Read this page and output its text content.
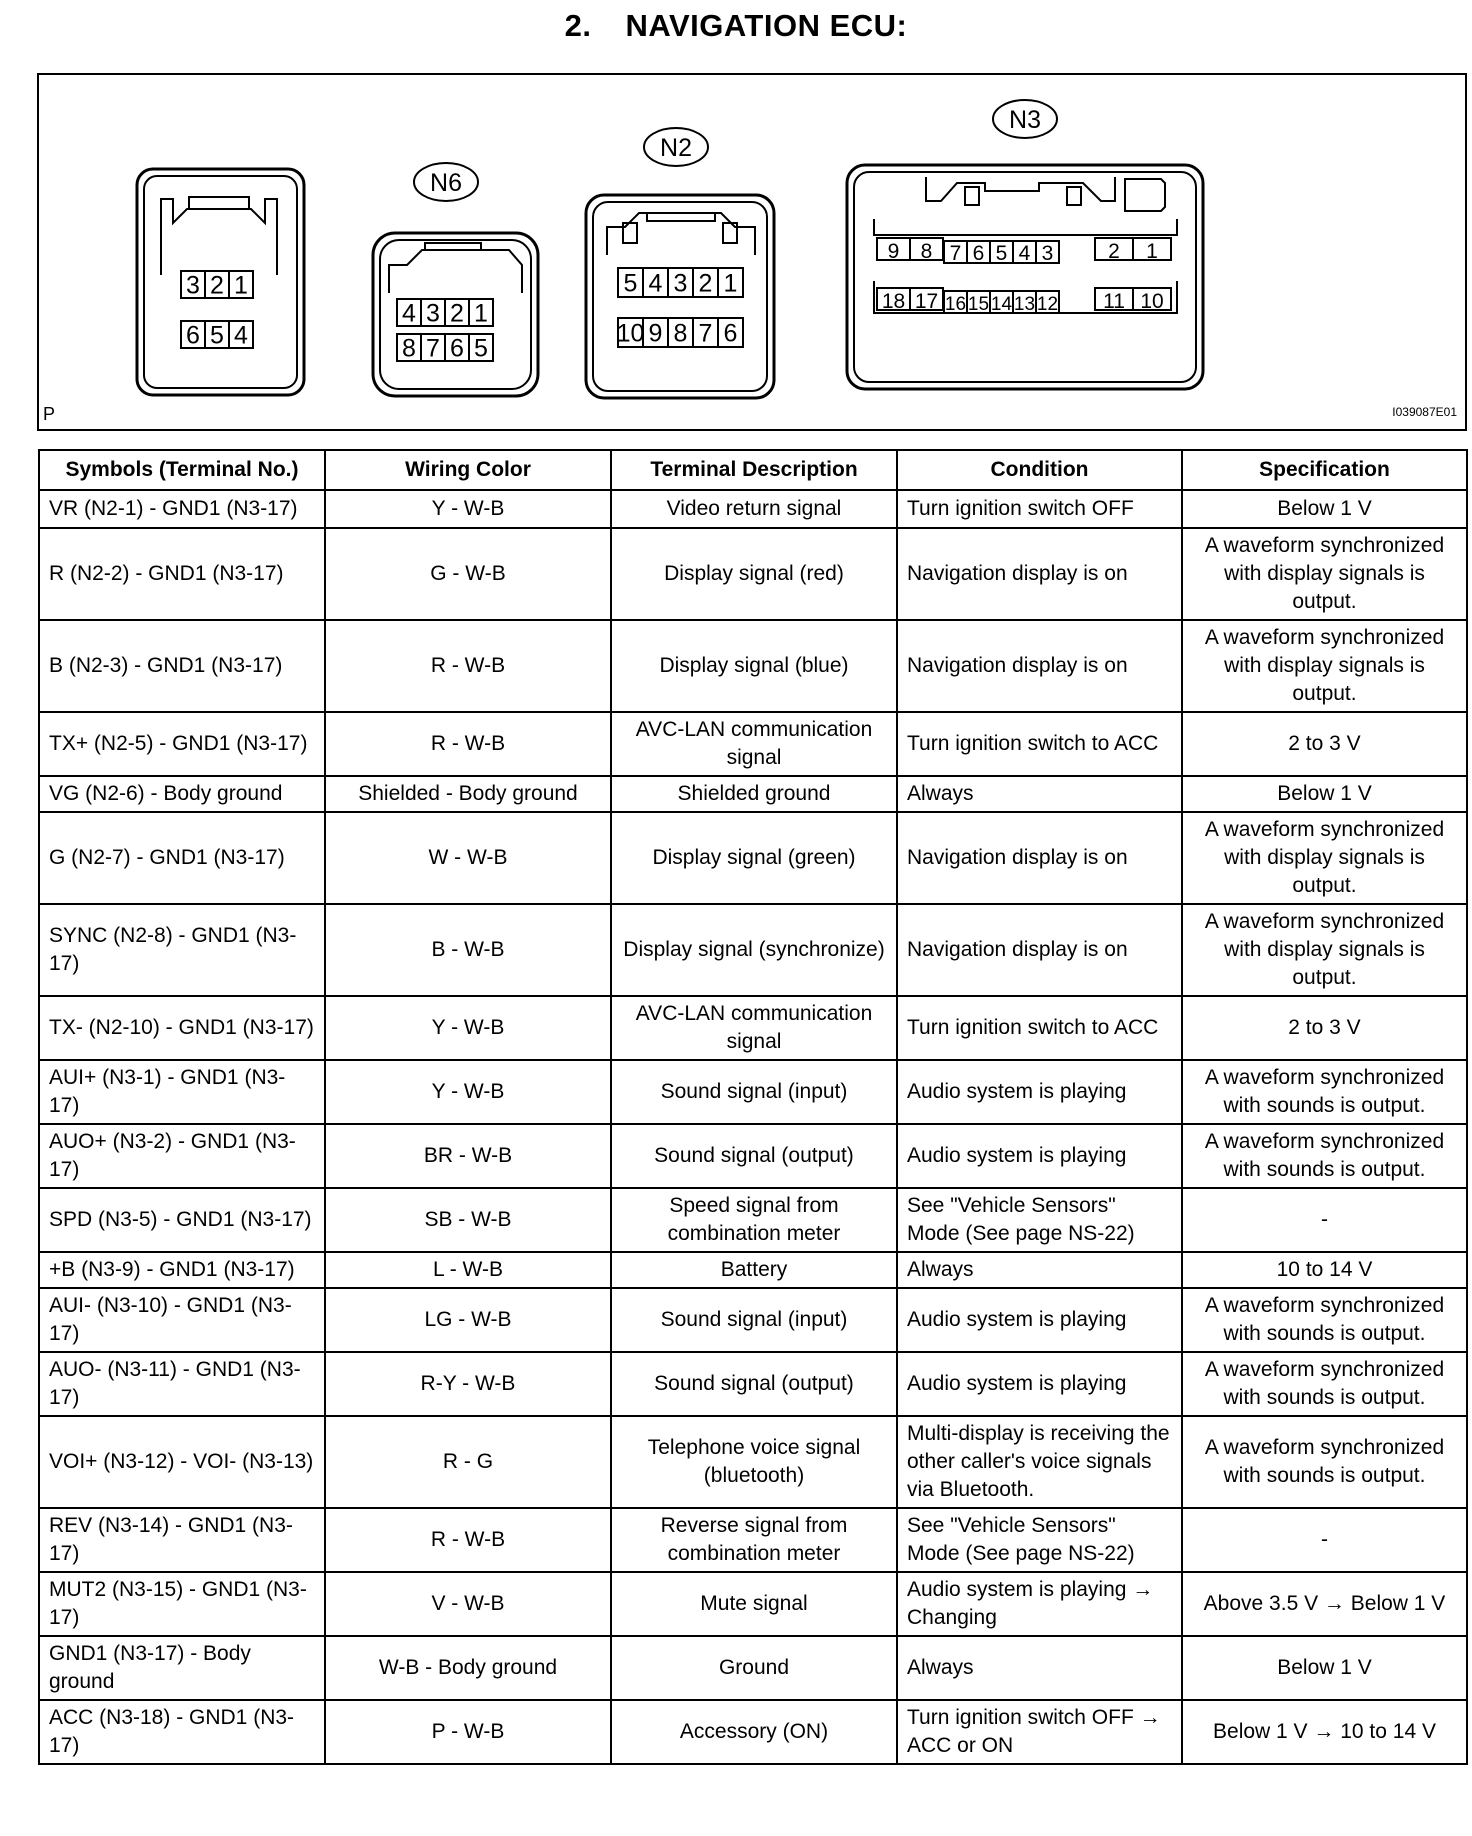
2. NAVIGATION ECU:
3 2 1
6 5 4
N6
4 3 2 1
8 7 6 5
N2
5 4 3 2 1
10 9 8 7 6
N3
9 8 7 6 5 4 3	2 1
18 17 16 15 14 13 12 11 10
P	I039087E01
Symbols (Terminal No.)	Wiring Color	Terminal Description	Condition	Specification
VR (N2-1) - GND1 (N3-17)	Y - W-B	Video return signal	Turn ignition switch OFF	Below 1 V
R (N2-2) - GND1 (N3-17)	G - W-B	Display signal (red)	Navigation display is on	A waveform synchronized with display signals is output.
B (N2-3) - GND1 (N3-17)	R - W-B	Display signal (blue)	Navigation display is on	A waveform synchronized with display signals is output.
TX+ (N2-5) - GND1 (N3-17)	R - W-B	AVC-LAN communication signal	Turn ignition switch to ACC	2 to 3 V
VG (N2-6) - Body ground	Shielded - Body ground	Shielded ground	Always	Below 1 V
G (N2-7) - GND1 (N3-17)	W - W-B	Display signal (green)	Navigation display is on	A waveform synchronized with display signals is output.
SYNC (N2-8) - GND1 (N3-17)	B - W-B	Display signal (synchronize)	Navigation display is on	A waveform synchronized with display signals is output.
TX- (N2-10) - GND1 (N3-17)	Y - W-B	AVC-LAN communication signal	Turn ignition switch to ACC	2 to 3 V
AUI+ (N3-1) - GND1 (N3-17)	Y - W-B	Sound signal (input)	Audio system is playing	A waveform synchronized with sounds is output.
AUO+ (N3-2) - GND1 (N3-17)	BR - W-B	Sound signal (output)	Audio system is playing	A waveform synchronized with sounds is output.
SPD (N3-5) - GND1 (N3-17)	SB - W-B	Speed signal from combination meter	See "Vehicle Sensors" Mode (See page NS-22)	-
+B (N3-9) - GND1 (N3-17)	L - W-B	Battery	Always	10 to 14 V
AUI- (N3-10) - GND1 (N3-17)	LG - W-B	Sound signal (input)	Audio system is playing	A waveform synchronized with sounds is output.
AUO- (N3-11) - GND1 (N3-17)	R-Y - W-B	Sound signal (output)	Audio system is playing	A waveform synchronized with sounds is output.
VOI+ (N3-12) - VOI- (N3-13)	R - G	Telephone voice signal (bluetooth)	Multi-display is receiving the other caller's voice signals via Bluetooth.	A waveform synchronized with sounds is output.
REV (N3-14) - GND1 (N3-17)	R - W-B	Reverse signal from combination meter	See "Vehicle Sensors" Mode (See page NS-22)	-
MUT2 (N3-15) - GND1 (N3-17)	V - W-B	Mute signal	Audio system is playing → Changing	Above 3.5 V → Below 1 V
GND1 (N3-17) - Body ground	W-B - Body ground	Ground	Always	Below 1 V
ACC (N3-18) - GND1 (N3-17)	P - W-B	Accessory (ON)	Turn ignition switch OFF → ACC or ON	Below 1 V → 10 to 14 V
